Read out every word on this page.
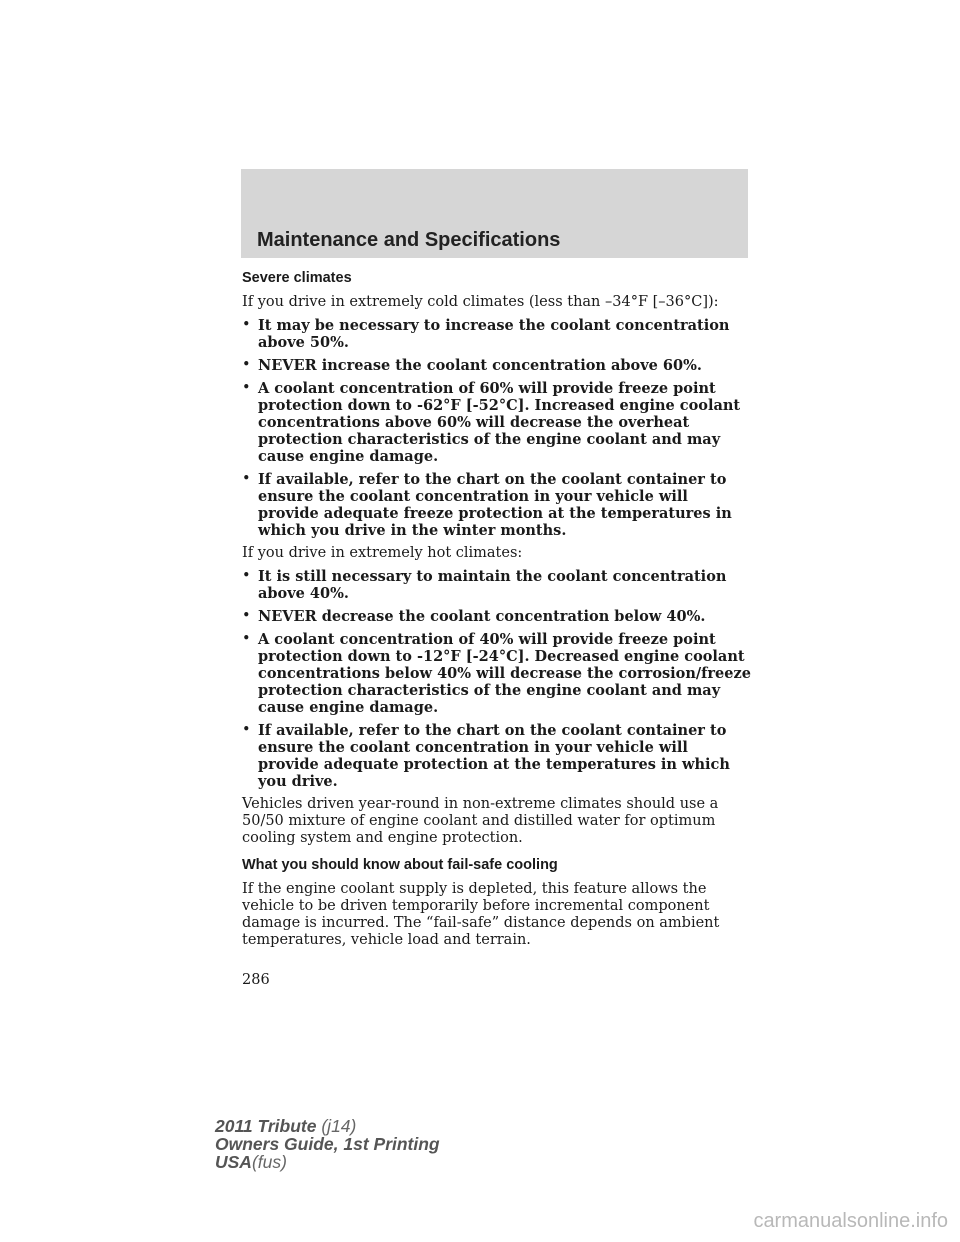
Maintenance and Specifications
Severe climates

If you drive in extremely cold climates (less than –34°F [–36°C]):

• It may be necessary to increase the coolant concentration above 50%.
• NEVER increase the coolant concentration above 60%.
• A coolant concentration of 60% will provide freeze point protection down to -62°F [-52°C]. Increased engine coolant concentrations above 60% will decrease the overheat protection characteristics of the engine coolant and may cause engine damage.
• If available, refer to the chart on the coolant container to ensure the coolant concentration in your vehicle will provide adequate freeze protection at the temperatures in which you drive in the winter months.

If you drive in extremely hot climates:

• It is still necessary to maintain the coolant concentration above 40%.
• NEVER decrease the coolant concentration below 40%.
• A coolant concentration of 40% will provide freeze point protection down to -12°F [-24°C]. Decreased engine coolant concentrations below 40% will decrease the corrosion/freeze protection characteristics of the engine coolant and may cause engine damage.
• If available, refer to the chart on the coolant container to ensure the coolant concentration in your vehicle will provide adequate protection at the temperatures in which you drive.

Vehicles driven year-round in non-extreme climates should use a 50/50 mixture of engine coolant and distilled water for optimum cooling system and engine protection.

What you should know about fail-safe cooling

If the engine coolant supply is depleted, this feature allows the vehicle to be driven temporarily before incremental component damage is incurred. The “fail-safe” distance depends on ambient temperatures, vehicle load and terrain.

286
2011 Tribute (j14)
Owners Guide, 1st Printing
USA(fus)
carmanualsonline.info
